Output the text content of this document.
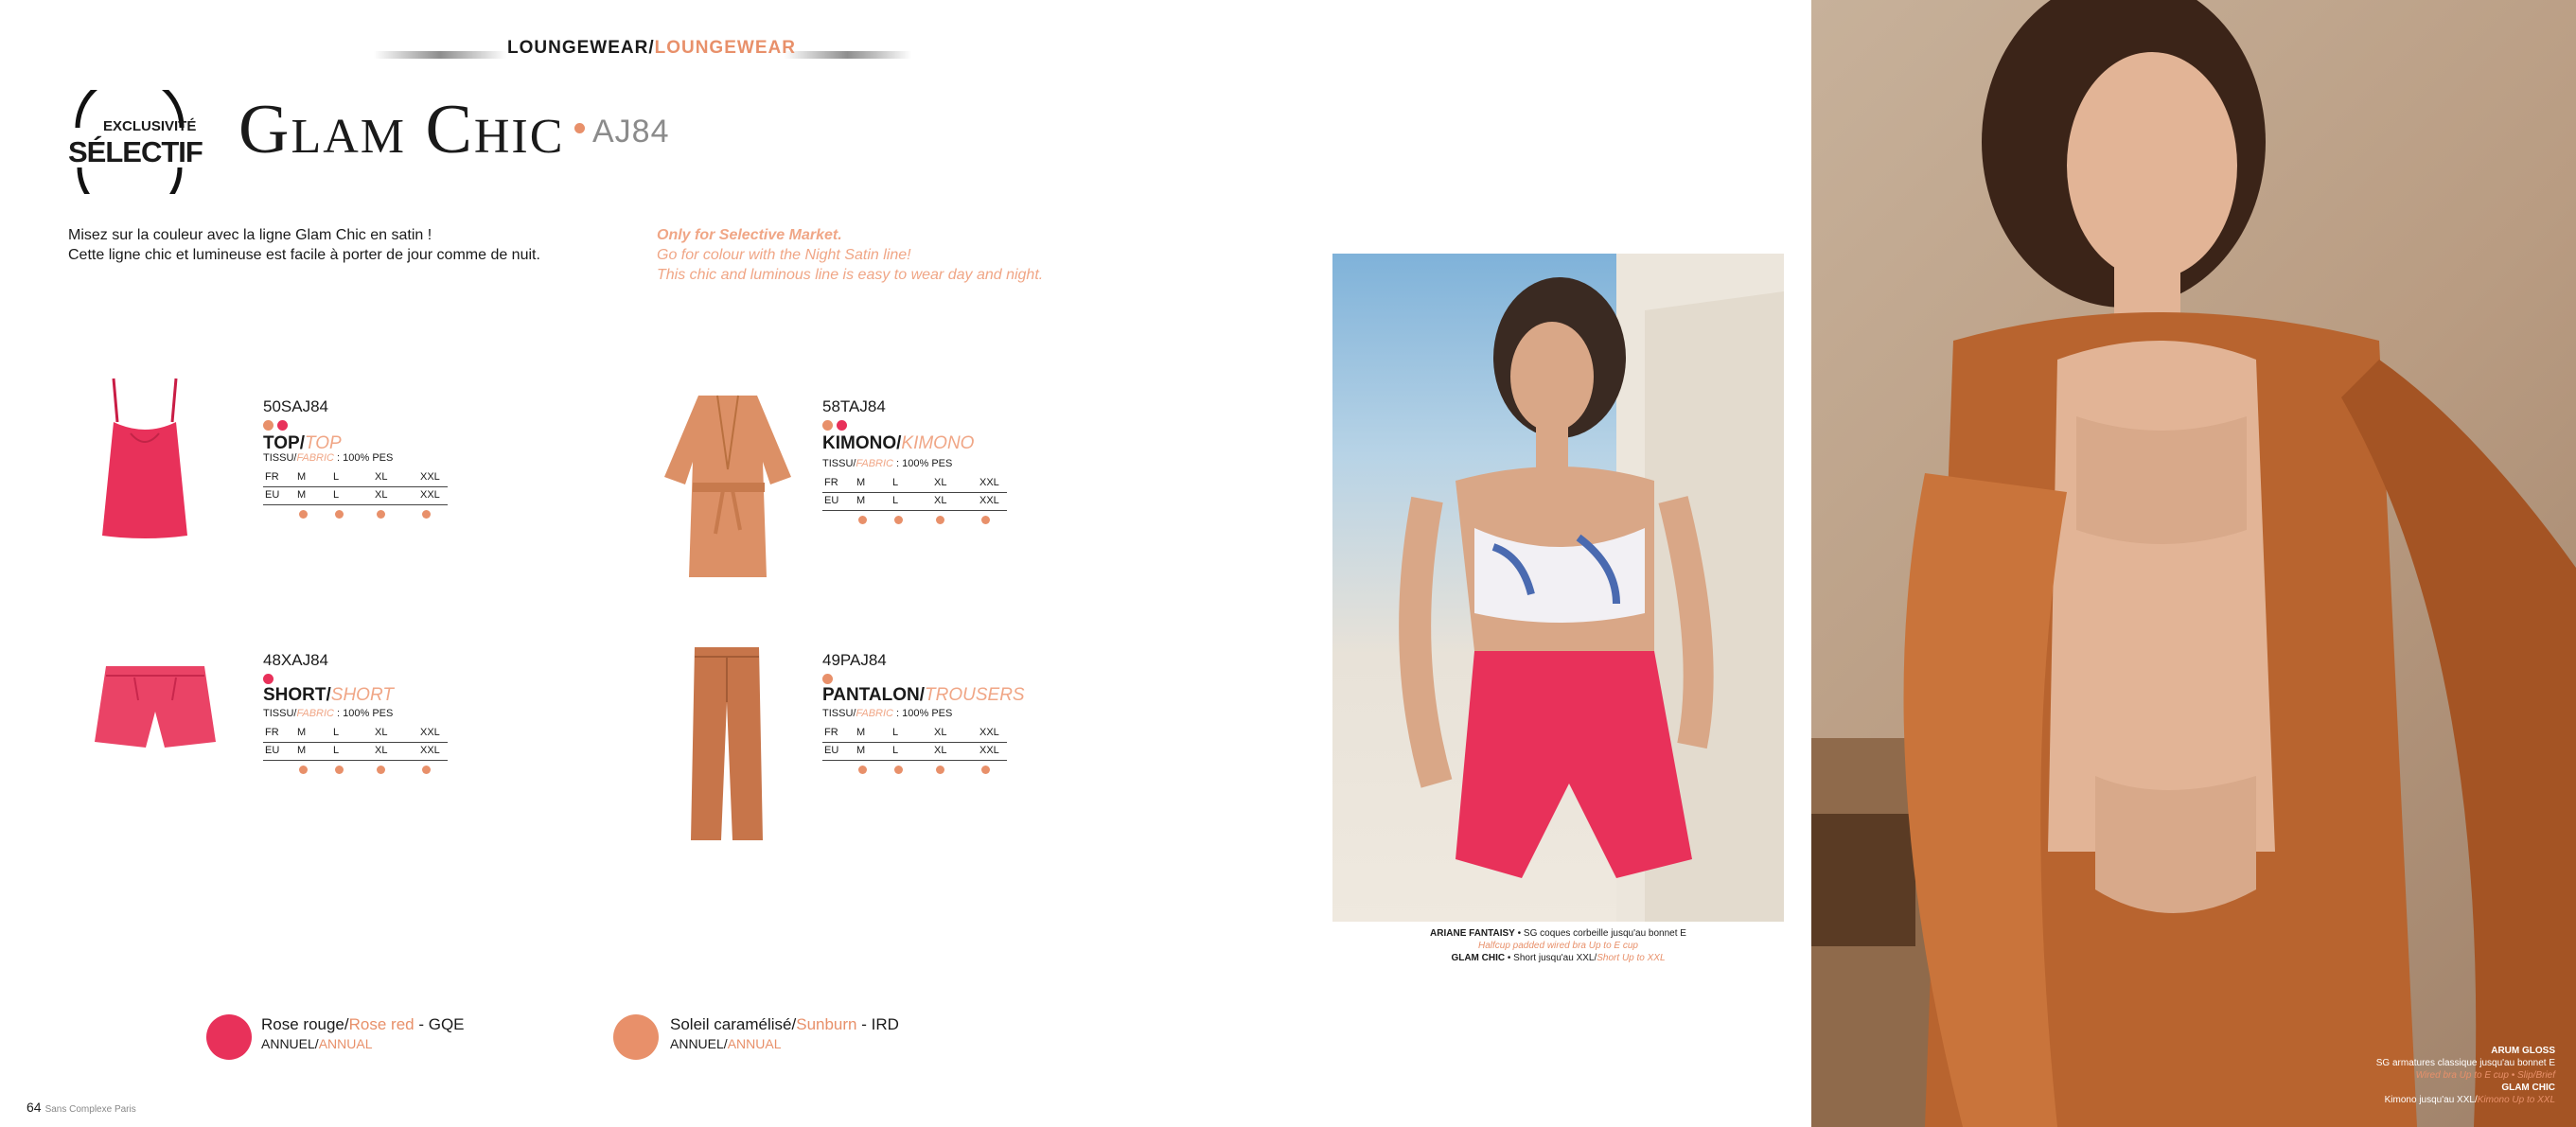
LOUNGEWEAR/LOUNGEWEAR
EXCLUSIVITÉ
SÉLECTIF Glam Chic AJ84
Misez sur la couleur avec la ligne Glam Chic en satin !
Cette ligne chic et lumineuse est facile à porter de jour comme de nuit.
Only for Selective Market.
Go for colour with the Night Satin line!
This chic and luminous line is easy to wear day and night.
50SAJ84
TOP/TOP
TISSU/FABRIC : 100% PES
FR M	L	XL	XXL
EU M	L	XL	XXL
58TAJ84
KIMONO/KIMONO
TISSU/FABRIC : 100% PES
FR M	L	XL	XXL
EU M	L	XL	XXL
48XAJ84
SHORT/SHORT
TISSU/FABRIC : 100% PES
FR M	L	XL	XXL
EU M	L	XL	XXL
49PAJ84
PANTALON/TROUSERS
TISSU/FABRIC : 100% PES
FR M	L	XL	XXL
EU M	L	XL	XXL
Rose rouge/Rose red - GQE
ANNUEL/ANNUAL
Soleil caramélisé/Sunburn - IRD
ANNUEL/ANNUAL
64 Sans Complexe Paris
ARIANE FANTAISY • SG coques corbeille jusqu'au bonnet E
Halfcup padded wired bra Up to E cup
GLAM CHIC • Short jusqu'au XXL/Short Up to XXL
ARUM GLOSS
SG armatures classique jusqu'au bonnet E
Wired bra Up to E cup • Slip/Brief
GLAM CHIC
Kimono jusqu'au XXL/Kimono Up to XXL
